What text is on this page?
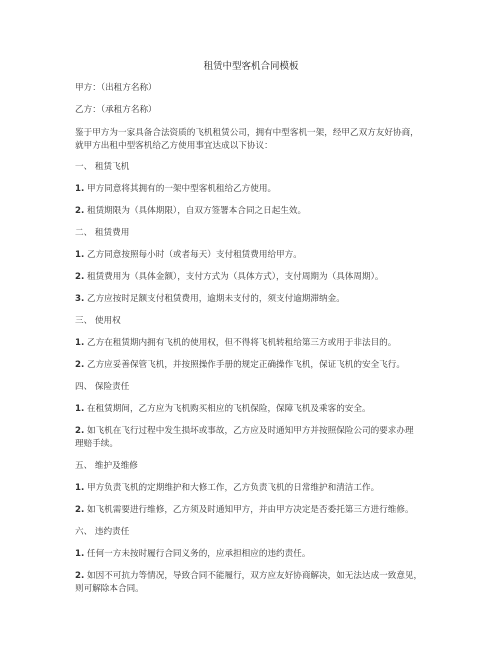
租赁中型客机合同模板
甲方：（出租方名称）
乙方：（承租方名称）
鉴于甲方为一家具备合法资质的飞机租赁公司，拥有中型客机一架，经甲乙双方友好协商，
就甲方出租中型客机给乙方使用事宜达成以下协议：
一、 租赁飞机
1. 甲方同意将其拥有的一架中型客机租给乙方使用。
2. 租赁期限为（具体期限），自双方签署本合同之日起生效。
二、 租赁费用
1. 乙方同意按照每小时（或者每天）支付租赁费用给甲方。
2. 租赁费用为（具体金额），支付方式为（具体方式），支付周期为（具体周期）。
3. 乙方应按时足额支付租赁费用，逾期未支付的，须支付逾期滞纳金。
三、 使用权
1. 乙方在租赁期内拥有飞机的使用权，但不得将飞机转租给第三方或用于非法目的。
2. 乙方应妥善保管飞机，并按照操作手册的规定正确操作飞机，保证飞机的安全飞行。
四、 保险责任
1. 在租赁期间，乙方应为飞机购买相应的飞机保险，保障飞机及乘客的安全。
2. 如飞机在飞行过程中发生损坏或事故，乙方应及时通知甲方并按照保险公司的要求办理
理赔手续。
五、 维护及维修
1. 甲方负责飞机的定期维护和大修工作，乙方负责飞机的日常维护和清洁工作。
2. 如飞机需要进行维修，乙方须及时通知甲方，并由甲方决定是否委托第三方进行维修。
六、 违约责任
1. 任何一方未按时履行合同义务的，应承担相应的违约责任。
2. 如因不可抗力等情况，导致合同不能履行，双方应友好协商解决，如无法达成一致意见，
则可解除本合同。
